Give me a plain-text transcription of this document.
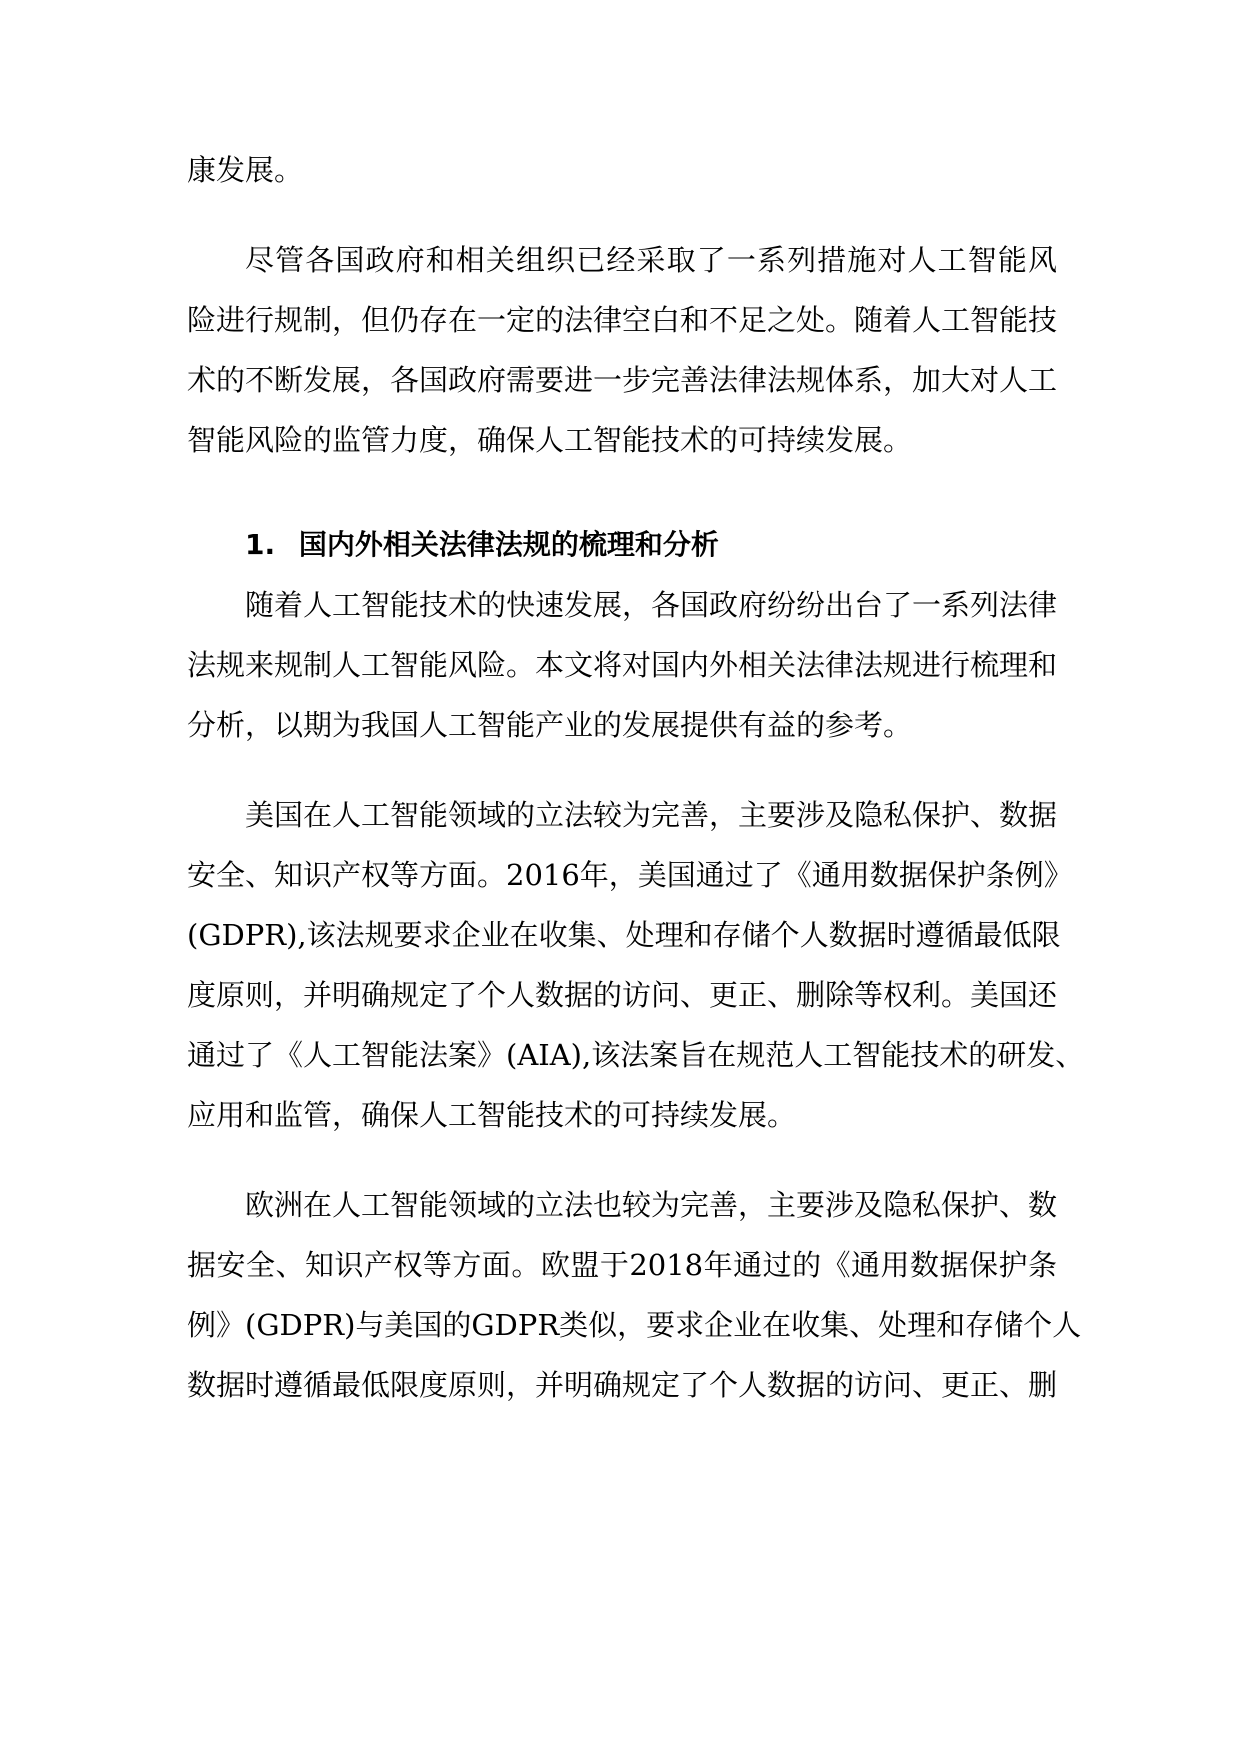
康发展。
尽管各国政府和相关组织已经采取了一系列措施对人工智能风
险进行规制，但仍存在一定的法律空白和不足之处。随着人工智能技
术的不断发展，各国政府需要进一步完善法律法规体系，加大对人工
智能风险的监管力度，确保人工智能技术的可持续发展。
1. 国内外相关法律法规的梳理和分析
随着人工智能技术的快速发展，各国政府纷纷出台了一系列法律
法规来规制人工智能风险。本文将对国内外相关法律法规进行梳理和
分析，以期为我国人工智能产业的发展提供有益的参考。
美国在人工智能领域的立法较为完善，主要涉及隐私保护、数据
安全、知识产权等方面。2016年，美国通过了《通用数据保护条例》
(GDPR),该法规要求企业在收集、处理和存储个人数据时遵循最低限
度原则，并明确规定了个人数据的访问、更正、删除等权利。美国还
通过了《人工智能法案》(AIA),该法案旨在规范人工智能技术的研发、
应用和监管，确保人工智能技术的可持续发展。
欧洲在人工智能领域的立法也较为完善，主要涉及隐私保护、数
据安全、知识产权等方面。欧盟于2018年通过的《通用数据保护条
例》(GDPR)与美国的GDPR类似，要求企业在收集、处理和存储个人
数据时遵循最低限度原则，并明确规定了个人数据的访问、更正、删
